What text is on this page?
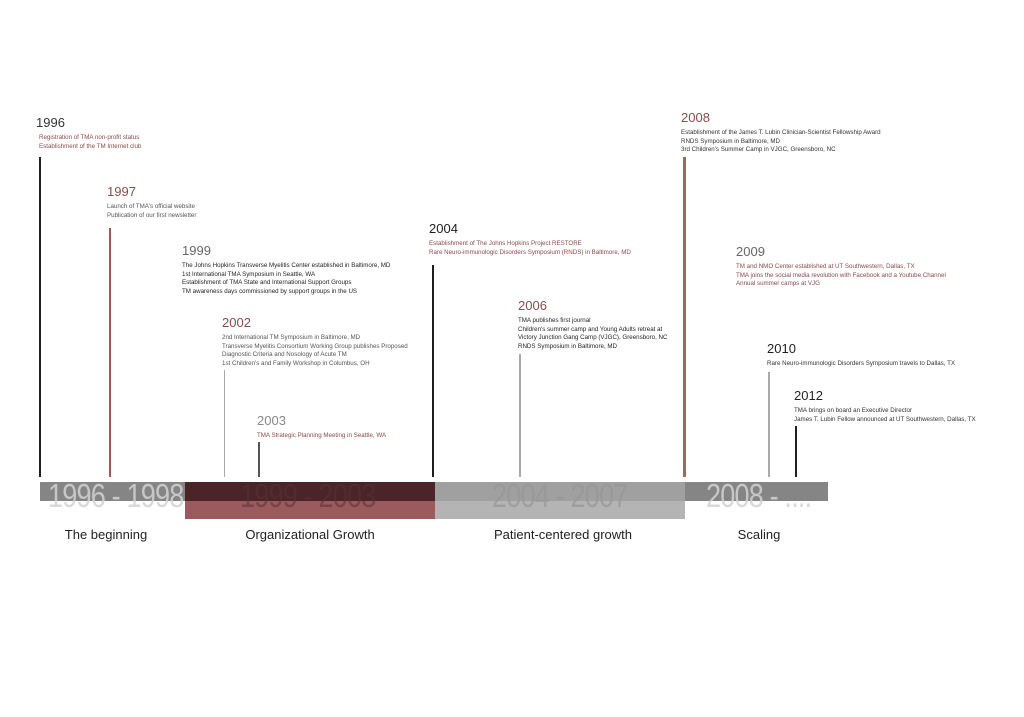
1996 - 1998 1999 - 2003	2004 - 2007 2008 - ....
The beginning	Organizational Growth	Patient-centered growth	Scaling
1996
Registration of TMA non-profit status
Establishment of the TM Internet club
1997
Launch of TMA's official website
Publication of our first newsletter
1999
The Johns Hopkins Transverse Myelitis Center established in Baltimore, MD
1st International TMA Symposium in Seattle, WA
Establishment of TMA State and International Support Groups
TM awareness days commissioned by support groups in the US
2002
2nd International TM Symposium in Baltimore, MD
Transverse Myelitis Consortium Working Group publishes Proposed
Diagnostic Criteria and Nosology of Acute TM
1st Children's and Family Workshop in Columbus, OH
2003
TMA Strategic Planning Meeting in Seattle, WA
2004
Establishment of The Johns Hopkins Project RESTORE
Rare Neuro-immunologic Disorders Symposium (RNDS) in Baltimore, MD
2006
TMA publishes first journal
Children's summer camp and Young Adults retreat at
Victory Junction Gang Camp (VJGC), Greensboro, NC
RNDS Symposium in Baltimore, MD
2008
Establishment of the James T. Lubin Clinician-Scientist Fellowship Award
RNDS Symposium in Baltimore, MD
3rd Children's Summer Camp in VJGC, Greensboro, NC
2009
TM and NMO Center established at UT Southwestern, Dallas, TX
TMA joins the social media revolution with Facebook and a Youtube Channel
Annual summer camps at VJG
2010
Rare Neuro-immunologic Disorders Symposium travels to Dallas, TX
2012
TMA brings on board an Executive Director
James T. Lubin Fellow announced at UT Southwestern, Dallas, TX
